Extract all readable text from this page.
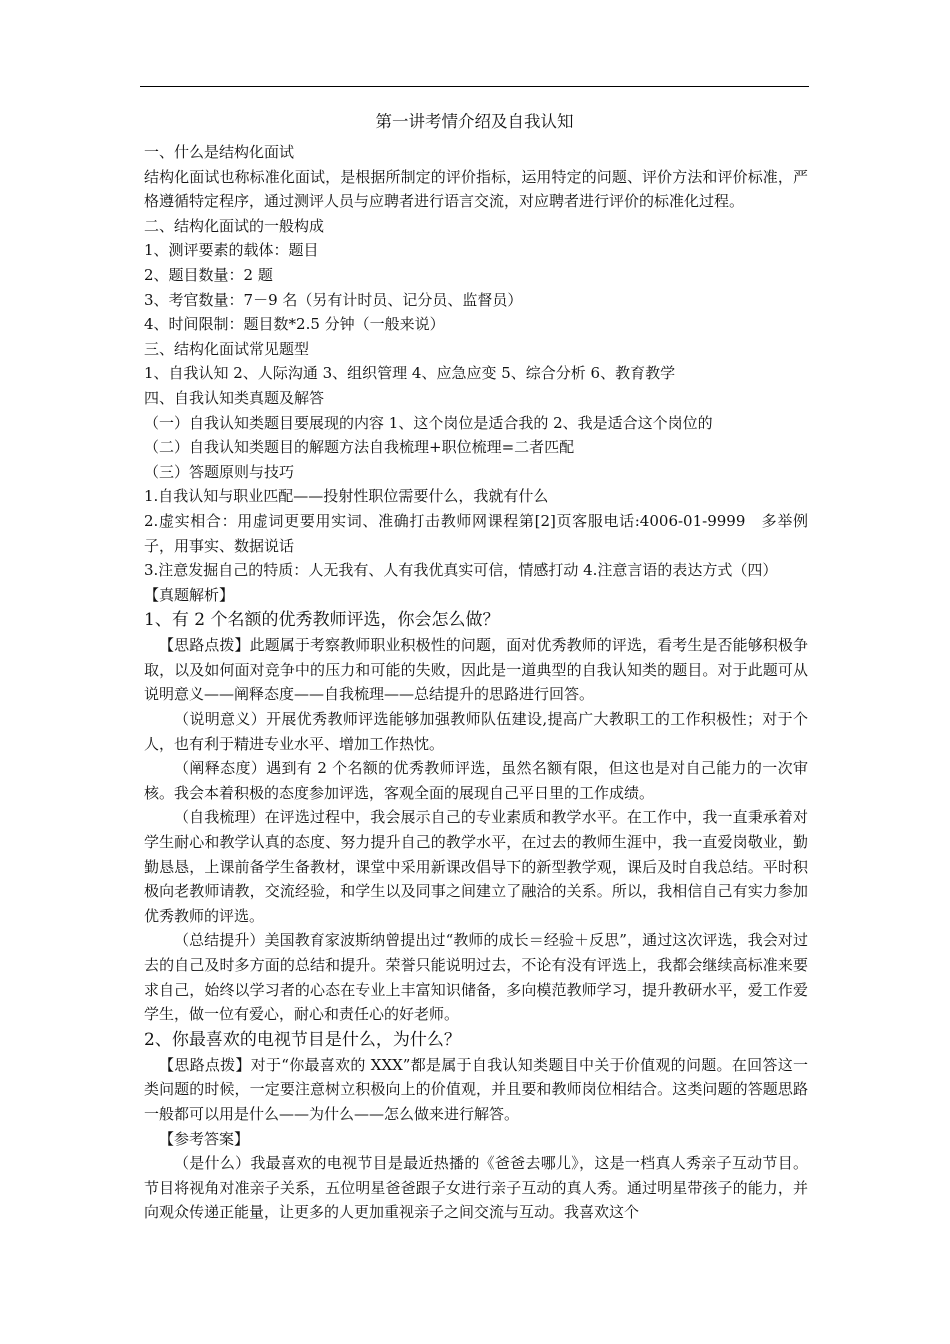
第一讲考情介绍及自我认知

一、什么是结构化面试

结构化面试也称标准化面试，是根据所制定的评价指标，运用特定的问题、评价方法和评价标准，严格遵循特定程序，通过测评人员与应聘者进行语言交流，对应聘者进行评价的标准化过程。

二、结构化面试的一般构成

1、测评要素的载体：题目

2、题目数量：2 题

3、考官数量：7－9 名（另有计时员、记分员、监督员）

4、时间限制：题目数*2.5 分钟（一般来说）

三、结构化面试常见题型

1、自我认知 2、人际沟通 3、组织管理 4、应急应变 5、综合分析 6、教育教学

四、自我认知类真题及解答

（一）自我认知类题目要展现的内容 1、这个岗位是适合我的 2、我是适合这个岗位的

（二）自我认知类题目的解题方法自我梳理+职位梳理=二者匹配

（三）答题原则与技巧

1.自我认知与职业匹配——投射性职位需要什么，我就有什么

2.虚实相合：用虚词更要用实词、准确打击教师网课程第[2]页客服电话:4006-01-9999　多举例子，用事实、数据说话

3.注意发掘自己的特质：人无我有、人有我优真实可信，情感打动 4.注意言语的表达方式（四）

【真题解析】

1、有 2 个名额的优秀教师评选，你会怎么做？

【思路点拨】此题属于考察教师职业积极性的问题，面对优秀教师的评选，看考生是否能够积极争取，以及如何面对竞争中的压力和可能的失败，因此是一道典型的自我认知类的题目。对于此题可从说明意义——阐释态度——自我梳理——总结提升的思路进行回答。

（说明意义）开展优秀教师评选能够加强教师队伍建设,提高广大教职工的工作积极性；对于个人，也有利于精进专业水平、增加工作热忱。

（阐释态度）遇到有 2 个名额的优秀教师评选，虽然名额有限，但这也是对自己能力的一次审核。我会本着积极的态度参加评选，客观全面的展现自己平日里的工作成绩。

（自我梳理）在评选过程中，我会展示自己的专业素质和教学水平。在工作中，我一直秉承着对学生耐心和教学认真的态度、努力提升自己的教学水平，在过去的教师生涯中，我一直爱岗敬业，勤勤恳恳，上课前备学生备教材，课堂中采用新课改倡导下的新型教学观，课后及时自我总结。平时积极向老教师请教，交流经验，和学生以及同事之间建立了融洽的关系。所以，我相信自己有实力参加优秀教师的评选。

（总结提升）美国教育家波斯纳曾提出过“教师的成长＝经验＋反思”，通过这次评选，我会对过去的自己及时多方面的总结和提升。荣誉只能说明过去，不论有没有评选上，我都会继续高标准来要求自己，始终以学习者的心态在专业上丰富知识储备，多向模范教师学习，提升教研水平，爱工作爱学生，做一位有爱心，耐心和责任心的好老师。

2、你最喜欢的电视节目是什么，为什么？

【思路点拨】对于“你最喜欢的 XXX”都是属于自我认知类题目中关于价值观的问题。在回答这一类问题的时候，一定要注意树立积极向上的价值观，并且要和教师岗位相结合。这类问题的答题思路一般都可以用是什么——为什么——怎么做来进行解答。

【参考答案】

（是什么）我最喜欢的电视节目是最近热播的《爸爸去哪儿》，这是一档真人秀亲子互动节目。节目将视角对准亲子关系，五位明星爸爸跟子女进行亲子互动的真人秀。通过明星带孩子的能力，并向观众传递正能量，让更多的人更加重视亲子之间交流与互动。我喜欢这个
